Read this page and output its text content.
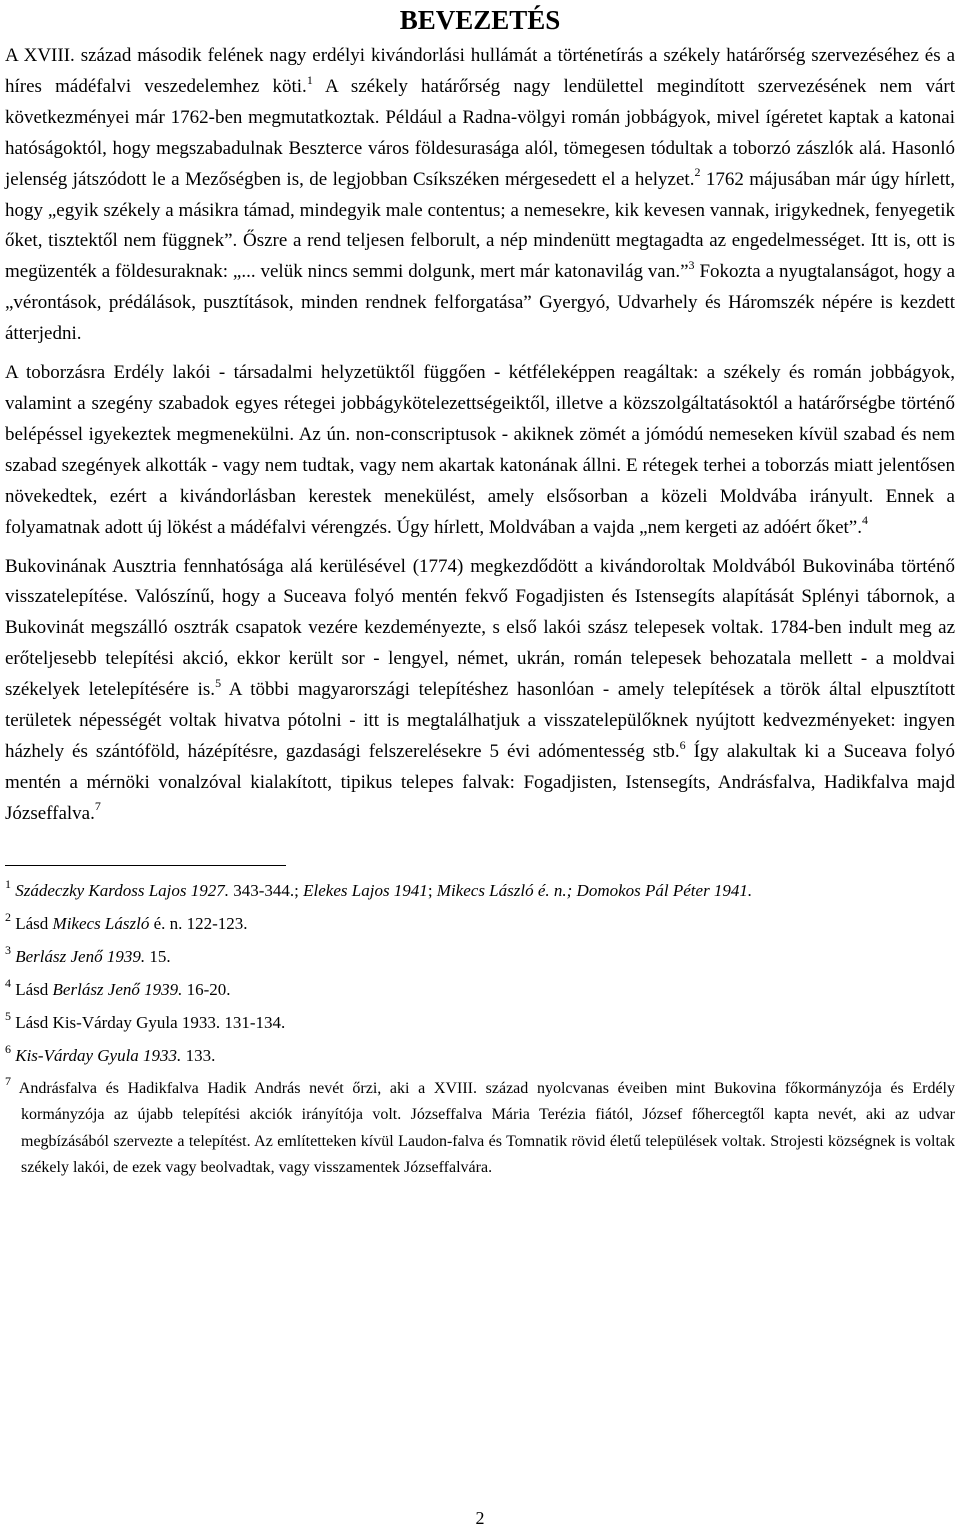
BEVEZETÉS

A XVIII. század második felének nagy erdélyi kivándorlási hullámát a történetírás a székely határőrség szervezéséhez és a híres mádéfalvi veszedelemhez köti.$^1$ A székely határőrség nagy lendülettel megindított szervezésének nem várt következményei már 1762-ben megmutatkoztak. Például a Radna-völgyi román jobbágyok, mivel ígéretet kaptak a katonai hatóságoktól, hogy megszabadulnak Beszterce város földesurasága alól, tömegesen tódultak a toborzó zászlók alá. Hasonló jelenség játszódott le a Mezőségben is, de legjobban Csíkszéken mérgesedett el a helyzet.$^2$ 1762 májusában már úgy hírlett, hogy „egyik székely a másikra támad, mindegyik male contentus; a nemesekre, kik kevesen vannak, irigykednek, fenyegetik őket, tisztektől nem függnek”. Őszre a rend teljesen felborult, a nép mindenütt megtagadta az engedelmességet. Itt is, ott is megüzenték a földesuraknak: „... velük nincs semmi dolgunk, mert már katonavilág van.”$^3$ Fokozta a nyugtalanságot, hogy a „vérontások, prédálások, pusztítások, minden rendnek felforgatása” Gyergyó, Udvarhely és Háromszék népére is kezdett átterjedni.

A toborzásra Erdély lakói - társadalmi helyzetüktől függően - kétféleképpen reagáltak: a székely és román jobbágyok, valamint a szegény szabadok egyes rétegei jobbágykötelezettségeiktől, illetve a közszolgáltatásoktól a határőrségbe történő belépéssel igyekeztek megmenekülni. Az ún. non-conscriptusok - akiknek zömét a jómódú nemeseken kívül szabad és nem szabad szegények alkották - vagy nem tudtak, vagy nem akartak katonának állni. E rétegek terhei a toborzás miatt jelentősen növekedtek, ezért a kivándorlásban kerestek menekülést, amely elsősorban a közeli Moldvába irányult. Ennek a folyamatnak adott új lökést a mádéfalvi vérengzés. Úgy hírlett, Moldvában a vajda „nem kergeti az adóért őket”.$^4$

Bukovinának Ausztria fennhatósága alá kerülésével (1774) megkezdődött a kivándoroltak Moldvából Bukovinába történő visszatelepítése. Valószínű, hogy a Suceava folyó mentén fekvő Fogadjisten és Istensegíts alapítását Splényi tábornok, a Bukovinát megszálló osztrák csapatok vezére kezdeményezte, s első lakói szász telepesek voltak. 1784-ben indult meg az erőteljesebb telepítési akció, ekkor került sor - lengyel, német, ukrán, román telepesek behozatala mellett - a moldvai székelyek letelepítésére is.$^5$ A többi magyarországi telepítéshez hasonlóan - amely telepítések a török által elpusztított területek népességét voltak hivatva pótolni - itt is megtalálhatjuk a visszatelepülőknek nyújtott kedvezményeket: ingyen házhely és szántóföld, házépítésre, gazdasági felszerelésekre 5 évi adómentesség stb.$^6$ Így alakultak ki a Suceava folyó mentén a mérnöki vonalzóval kialakított, tipikus telepes falvak: Fogadjisten, Istensegíts, Andrásfalva, Hadikfalva majd Józseffalva.$^7$

$^1$ Szádeczky Kardoss Lajos 1927. 343-344.; Elekes Lajos 1941; Mikecs László é. n.; Domokos Pál Péter 1941.

$^2$ Lásd Mikecs László é. n. 122-123.

$^3$ Berlász Jenő 1939. 15.

$^4$ Lásd Berlász Jenő 1939. 16-20.

$^5$ Lásd Kis-Várday Gyula 1933. 131-134.

$^6$ Kis-Várday Gyula 1933. 133.

$^7$ Andrásfalva és Hadikfalva Hadik András nevét őrzi, aki a XVIII. század nyolcvanas éveiben mint Bukovina főkormányzója és Erdély kormányzója az újabb telepítési akciók irányítója volt. Józseffalva Mária Terézia fiától, József főhercegtől kapta nevét, aki az udvar megbízásából szervezte a telepítést. Az említetteken kívül Laudon-falva és Tomnatik rövid életű települések voltak. Strojesti községnek is voltak székely lakói, de ezek vagy beolvadtak, vagy visszamentek Józseffalvára.

2
